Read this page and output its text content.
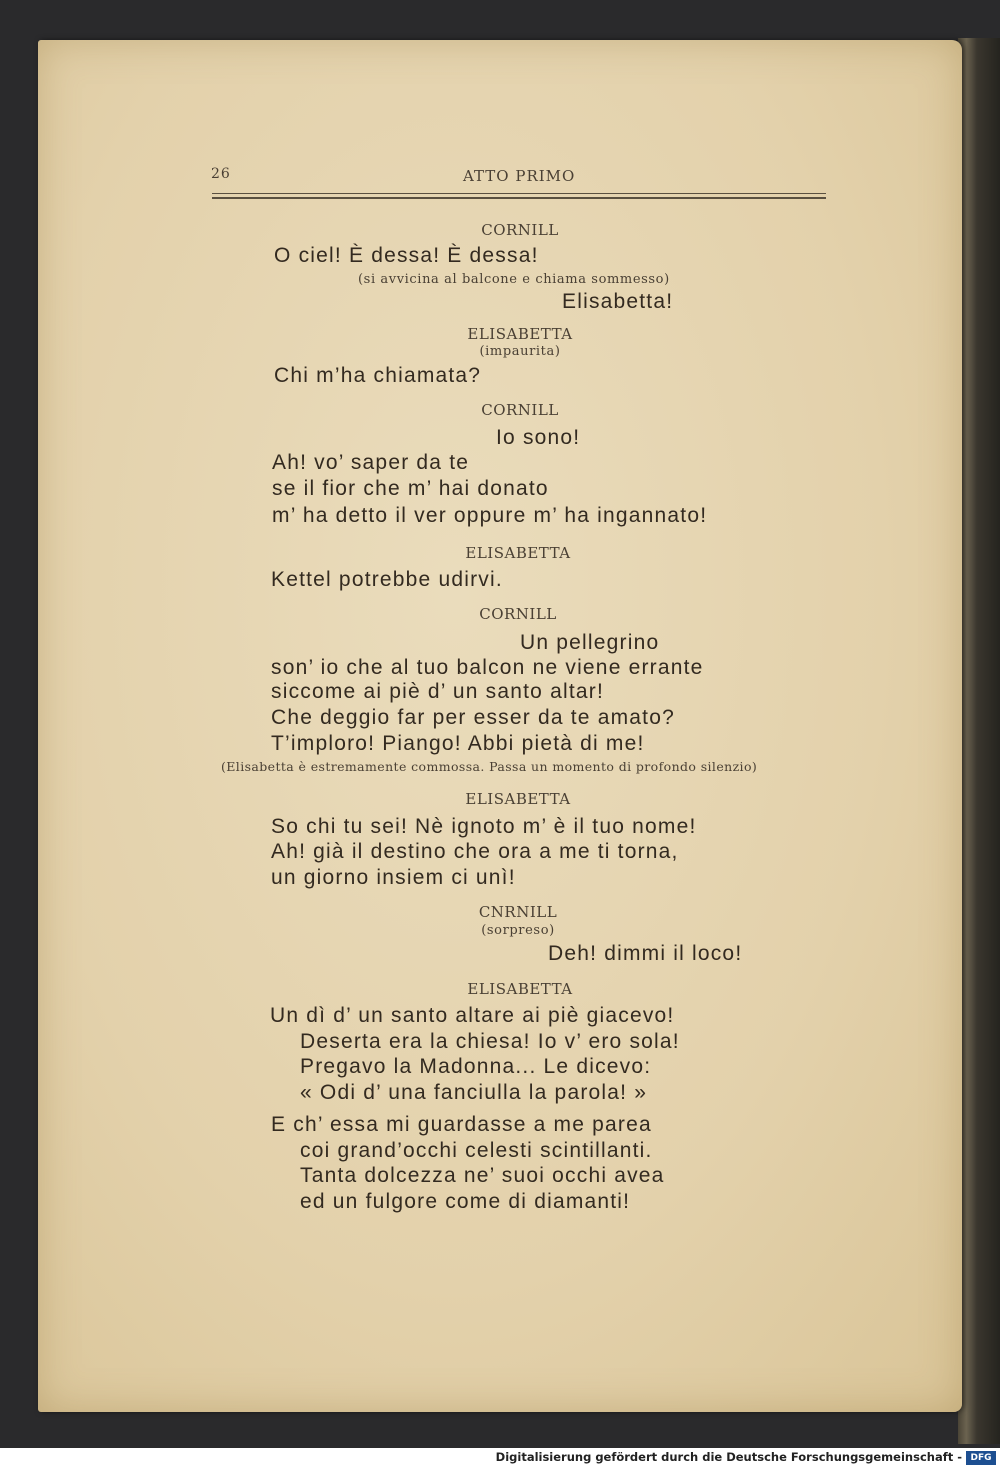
26	ATTO PRIMO
CORNILL
O ciel! È dessa! È dessa!
(si avvicina al balcone e chiama sommesso)
Elisabetta!
ELISABETTA
(impaurita)
Chi m’ha chiamata?
CORNILL
Io sono!
Ah! vo’ saper da te
se il fior che m’ hai donato
m’ ha detto il ver oppure m’ ha ingannato!
ELISABETTA
Kettel potrebbe udirvi.
CORNILL
Un pellegrino
son’ io che al tuo balcon ne viene errante
siccome ai piè d’ un santo altar!
Che deggio far per esser da te amato?
T’imploro! Piango! Abbi pietà di me!
(Elisabetta è estremamente commossa. Passa un momento di profondo silenzio)
ELISABETTA
So chi tu sei! Nè ignoto m’ è il tuo nome!
Ah! già il destino che ora a me ti torna,
un giorno insiem ci unì!
CNRNILL
(sorpreso)
Deh! dimmi il loco!
ELISABETTA
Un dì d’ un santo altare ai piè giacevo!
Deserta era la chiesa! Io v’ ero sola!
Pregavo la Madonna... Le dicevo:
« Odi d’ una fanciulla la parola! »
E ch’ essa mi guardasse a me parea
coi grand’occhi celesti scintillanti.
Tanta dolcezza ne’ suoi occhi avea
ed un fulgore come di diamanti!
Digitalisierung gefördert durch die Deutsche Forschungsgemeinschaft - DFG
